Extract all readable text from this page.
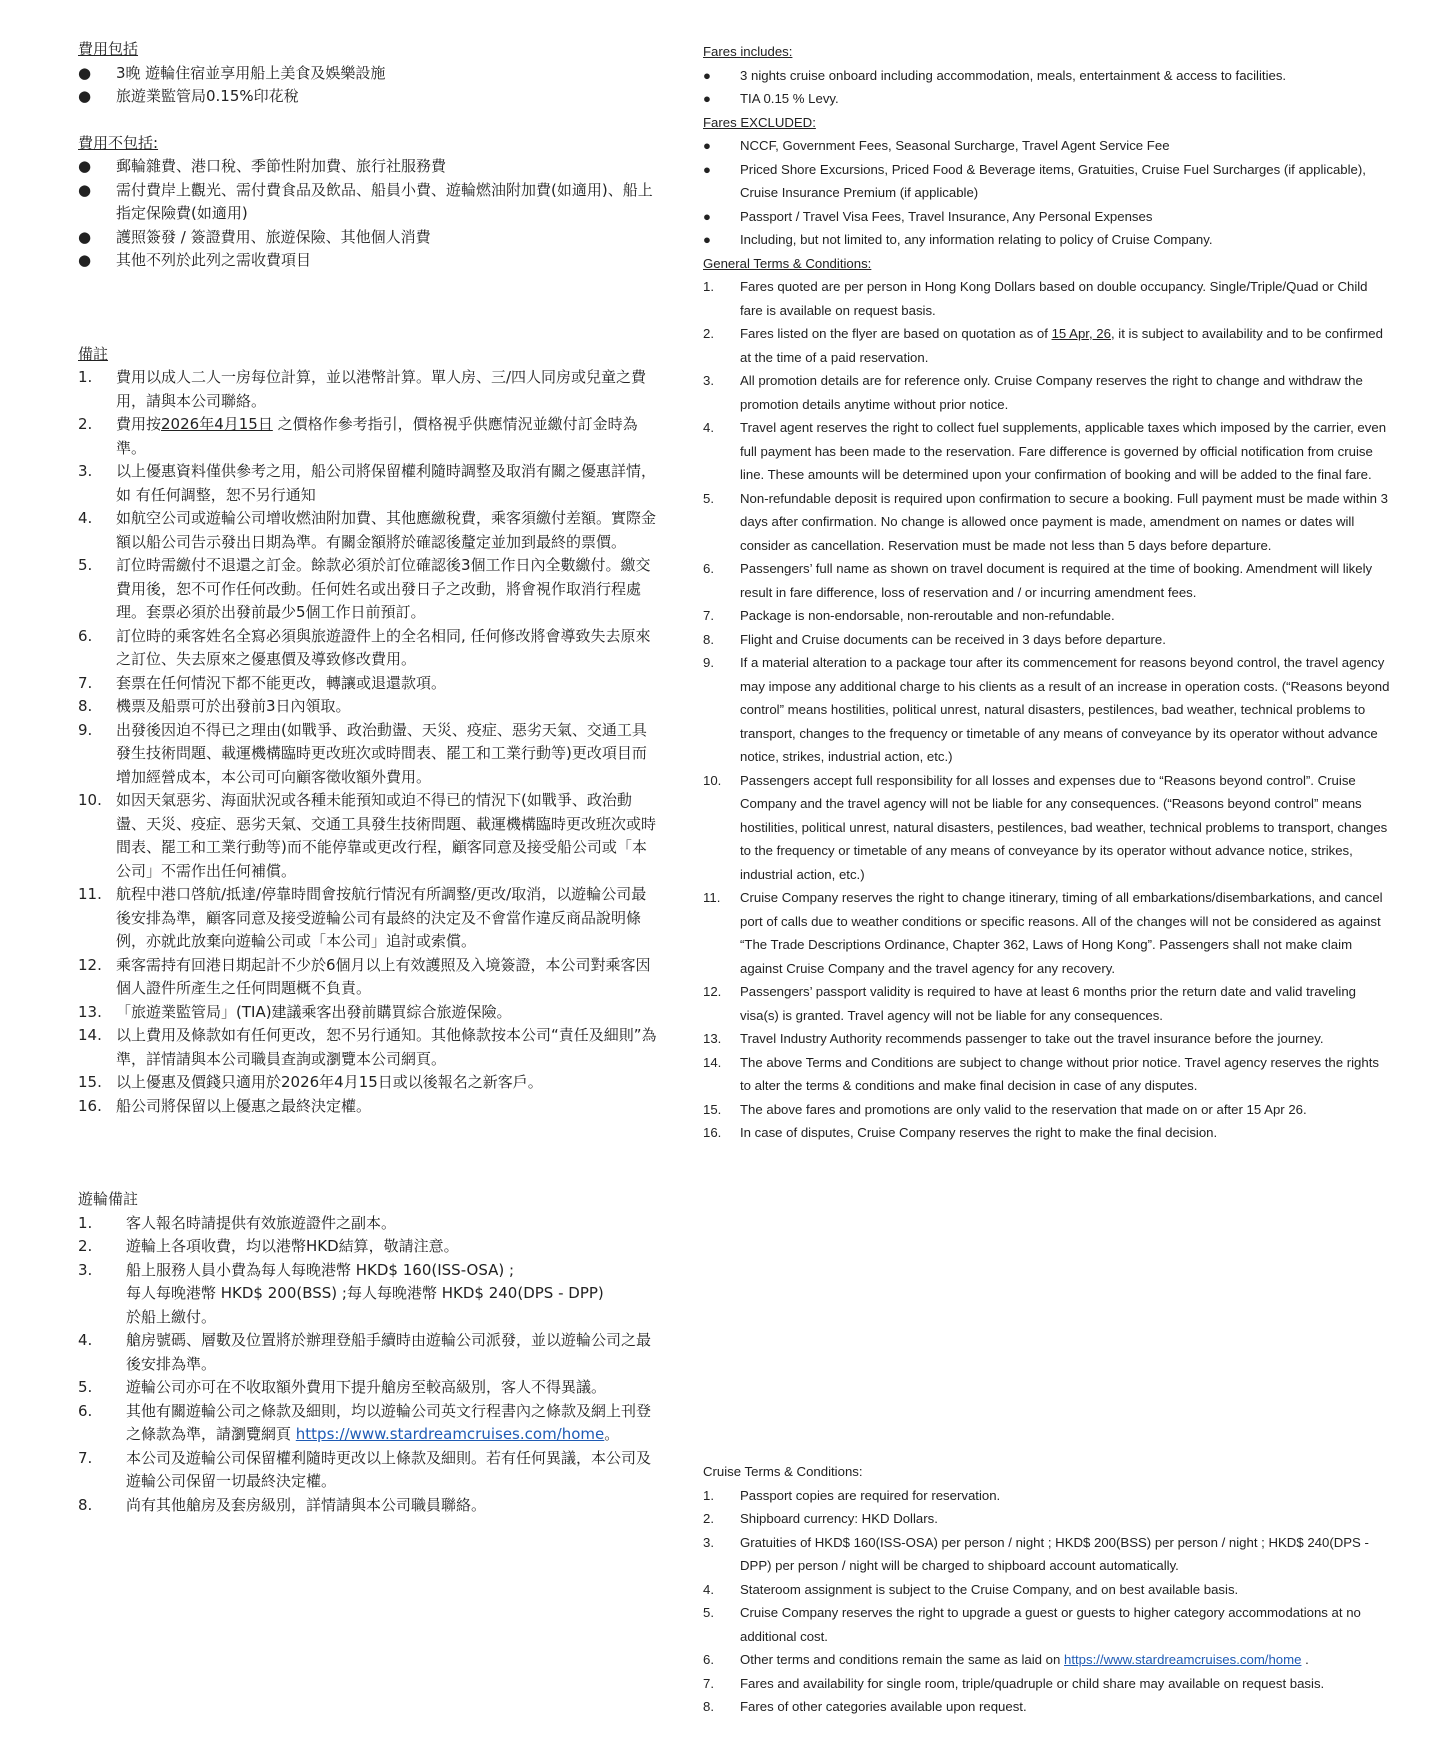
費用包括
●	3晚 遊輪住宿並享用船上美食及娛樂設施
●	旅遊業監管局0.15%印花稅
費用不包括:
●	郵輪雜費、港口稅、季節性附加費、旅行社服務費
●	需付費岸上觀光、需付費食品及飲品、船員小費、遊輪燃油附加費(如適用)、船上指定保險費(如適用)
●	護照簽發 / 簽證費用、旅遊保險、其他個人消費
●	其他不列於此列之需收費項目
備註
1.	費用以成人二人一房每位計算，並以港幣計算。單人房、三/四人同房或兒童之費用，請與本公司聯絡。
2.	費用按2026年4月15日 之價格作參考指引，價格視乎供應情況並繳付訂金時為準。
3.	以上優惠資料僅供參考之用，船公司將保留權利隨時調整及取消有關之優惠詳情，如 有任何調整，恕不另行通知
4.	如航空公司或遊輪公司增收燃油附加費、其他應繳稅費，乘客須繳付差額。實際金額以船公司告示發出日期為準。有關金額將於確認後釐定並加到最終的票價。
5.	訂位時需繳付不退還之訂金。餘款必須於訂位確認後3個工作日內全數繳付。繳交費用後，恕不可作任何改動。任何姓名或出發日子之改動，將會視作取消行程處理。套票必須於出發前最少5個工作日前預訂。
6.	訂位時的乘客姓名全寫必須與旅遊證件上的全名相同, 任何修改將會導致失去原來之訂位、失去原來之優惠價及導致修改費用。
7.	套票在任何情況下都不能更改，轉讓或退還款項。
8.	機票及船票可於出發前3日內領取。
9.	出發後因迫不得已之理由(如戰爭、政治動盪、天災、疫症、惡劣天氣、交通工具發生技術問題、載運機構臨時更改班次或時間表、罷工和工業行動等)更改項目而增加經營成本，本公司可向顧客徵收額外費用。
10. 如因天氣惡劣、海面狀況或各種未能預知或迫不得已的情況下(如戰爭、政治動盪、天災、疫症、惡劣天氣、交通工具發生技術問題、載運機構臨時更改班次或時間表、罷工和工業行動等)而不能停靠或更改行程，顧客同意及接受船公司或「本公司」不需作出任何補償。
11. 航程中港口啓航/抵達/停靠時間會按航行情況有所調整/更改/取消，以遊輪公司最後安排為準，顧客同意及接受遊輪公司有最終的決定及不會當作違反商品說明條例，亦就此放棄向遊輪公司或「本公司」追討或索償。
12. 乘客需持有回港日期起計不少於6個月以上有效護照及入境簽證，本公司對乘客因個人證件所產生之任何問題概不負責。
13. 「旅遊業監管局」(TIA)建議乘客出發前購買綜合旅遊保險。
14. 以上費用及條款如有任何更改，恕不另行通知。其他條款按本公司“責任及細則”為準，詳情請與本公司職員查詢或瀏覽本公司網頁。
15. 以上優惠及價錢只適用於2026年4月15日或以後報名之新客戶。
16. 船公司將保留以上優惠之最終決定權。
遊輪備註
1.	客人報名時請提供有效旅遊證件之副本。
2.	遊輪上各項收費，均以港幣HKD結算，敬請注意。
3.	船上服務人員小費為每人每晚港幣 HKD$ 160(ISS-OSA) ;
每人每晚港幣 HKD$ 200(BSS) ;每人每晚港幣 HKD$ 240(DPS - DPP)
於船上繳付。
4.	艙房號碼、層數及位置將於辦理登船手續時由遊輪公司派發，並以遊輪公司之最後安排為準。
5.	遊輪公司亦可在不收取額外費用下提升艙房至較高級別，客人不得異議。
6.	其他有關遊輪公司之條款及細則，均以遊輪公司英文行程書內之條款及網上刊登之條款為準，請瀏覽網頁 https://www.stardreamcruises.com/home。
7.	本公司及遊輪公司保留權利隨時更改以上條款及細則。若有任何異議，本公司及遊輪公司保留一切最終決定權。
8.	尚有其他艙房及套房級別，詳情請與本公司職員聯絡。
Fares includes:
●	3 nights cruise onboard including accommodation, meals, entertainment & access to facilities.
●	TIA 0.15 % Levy.
Fares EXCLUDED:
●	NCCF, Government Fees, Seasonal Surcharge, Travel Agent Service Fee
●	Priced Shore Excursions, Priced Food & Beverage items, Gratuities, Cruise Fuel Surcharges (if applicable), Cruise Insurance Premium (if applicable)
●	Passport / Travel Visa Fees, Travel Insurance, Any Personal Expenses
●	Including, but not limited to, any information relating to policy of Cruise Company.
General Terms & Conditions:
1.	Fares quoted are per person in Hong Kong Dollars based on double occupancy. Single/Triple/Quad or Child fare is available on request basis.
2.	Fares listed on the flyer are based on quotation as of 15 Apr, 26, it is subject to availability and to be confirmed at the time of a paid reservation.
3.	All promotion details are for reference only. Cruise Company reserves the right to change and withdraw the promotion details anytime without prior notice.
4.	Travel agent reserves the right to collect fuel supplements, applicable taxes which imposed by the carrier, even full payment has been made to the reservation. Fare difference is governed by official notification from cruise line. These amounts will be determined upon your confirmation of booking and will be added to the final fare.
5.	Non-refundable deposit is required upon confirmation to secure a booking. Full payment must be made within 3 days after confirmation. No change is allowed once payment is made, amendment on names or dates will consider as cancellation. Reservation must be made not less than 5 days before departure.
6.	Passengers’ full name as shown on travel document is required at the time of booking. Amendment will likely result in fare difference, loss of reservation and / or incurring amendment fees.
7.	Package is non-endorsable, non-reroutable and non-refundable.
8.	Flight and Cruise documents can be received in 3 days before departure.
9.	If a material alteration to a package tour after its commencement for reasons beyond control, the travel agency may impose any additional charge to his clients as a result of an increase in operation costs. (“Reasons beyond control” means hostilities, political unrest, natural disasters, pestilences, bad weather, technical problems to transport, changes to the frequency or timetable of any means of conveyance by its operator without advance notice, strikes, industrial action, etc.)
10.	Passengers accept full responsibility for all losses and expenses due to “Reasons beyond control”. Cruise Company and the travel agency will not be liable for any consequences. (“Reasons beyond control” means hostilities, political unrest, natural disasters, pestilences, bad weather, technical problems to transport, changes to the frequency or timetable of any means of conveyance by its operator without advance notice, strikes, industrial action, etc.)
11.	Cruise Company reserves the right to change itinerary, timing of all embarkations/disembarkations, and cancel port of calls due to weather conditions or specific reasons. All of the changes will not be considered as against “The Trade Descriptions Ordinance, Chapter 362, Laws of Hong Kong”. Passengers shall not make claim against Cruise Company and the travel agency for any recovery.
12.	Passengers’ passport validity is required to have at least 6 months prior the return date and valid traveling visa(s) is granted. Travel agency will not be liable for any consequences.
13.	Travel Industry Authority recommends passenger to take out the travel insurance before the journey.
14.	The above Terms and Conditions are subject to change without prior notice. Travel agency reserves the rights to alter the terms & conditions and make final decision in case of any disputes.
15.	The above fares and promotions are only valid to the reservation that made on or after 15 Apr 26.
16.	In case of disputes, Cruise Company reserves the right to make the final decision.
Cruise Terms & Conditions:
1.	Passport copies are required for reservation.
2.	Shipboard currency: HKD Dollars.
3.	Gratuities of HKD$ 160(ISS-OSA) per person / night ; HKD$ 200(BSS) per person / night ; HKD$ 240(DPS - DPP) per person / night will be charged to shipboard account automatically.
4.	Stateroom assignment is subject to the Cruise Company, and on best available basis.
5.	Cruise Company reserves the right to upgrade a guest or guests to higher category accommodations at no additional cost.
6.	Other terms and conditions remain the same as laid on https://www.stardreamcruises.com/home .
7.	Fares and availability for single room, triple/quadruple or child share may available on request basis.
8.	Fares of other categories available upon request.
